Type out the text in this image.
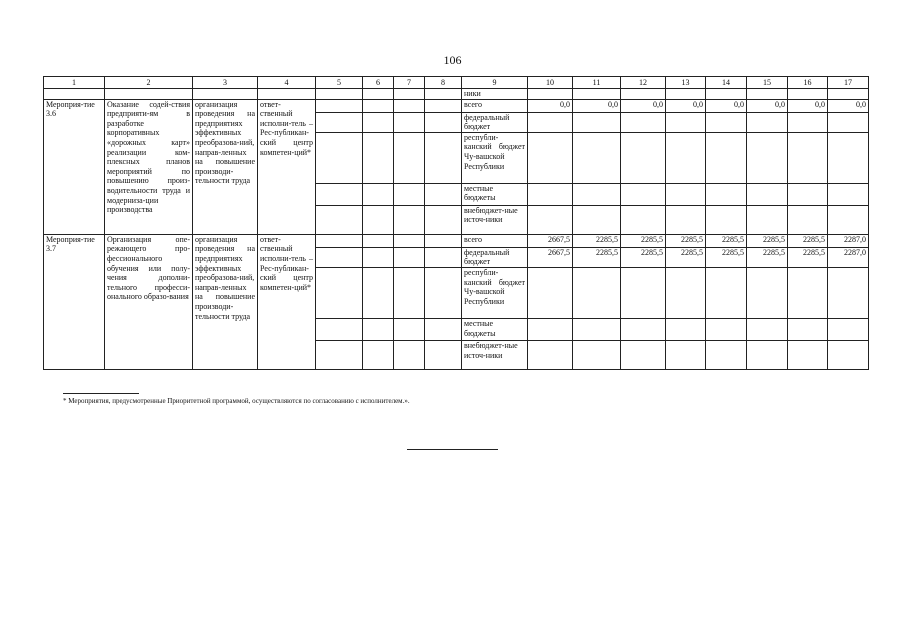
106
1	2	3	4	5	6	7	8	9	10	11	12	13	14	15	16	17
								ники								
Мероприя-тие 3.6	Оказание содей-ствия предприяти-ям в разработке корпоративных «дорожных карт» реализации ком-плексных планов мероприятий по повышению произ-водительности труда и модерниза-ции производства	организация проведения на предприятиях эффективных преобразова-ний, направ-ленных на повышение производи-тельности труда	ответ-ственный исполни-тель – Рес-публикан-ский центр компетен-ций*					всего	0,0	0,0	0,0	0,0	0,0	0,0	0,0	0,0
								федеральный бюджет								
								республи-канский бюджет Чу-вашской Республики								
								местные бюджеты								
								внебюджет-ные источ-ники								
Мероприя-тие 3.7	Организация опе-режающего про-фессионального обучения или полу-чения дополни-тельного професси-онального образо-вания	организация проведения на предприятиях эффективных преобразова-ний, направ-ленных на повышение производи-тельности труда	ответ-ственный исполни-тель – Рес-публикан-ский центр компетен-ций*					всего	2667,5	2285,5	2285,5	2285,5	2285,5	2285,5	2285,5	2287,0
								федеральный бюджет	2667,5	2285,5	2285,5	2285,5	2285,5	2285,5	2285,5	2287,0
								республи-канский бюджет Чу-вашской Республики								
								местные бюджеты								
								внебюджет-ные источ-ники								
* Мероприятия, предусмотренные Приоритетной программой, осуществляются по согласованию с исполнителем.».
